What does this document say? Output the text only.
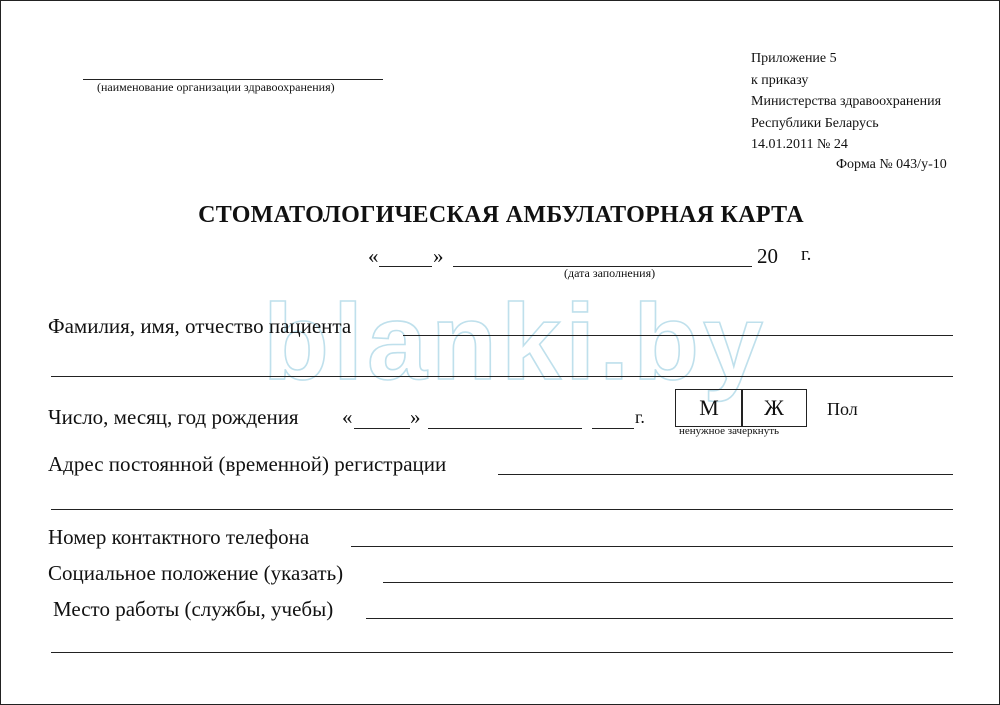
(наименование организации здравоохранения)
Приложение 5
к приказу
Министерства здравоохранения
Республики Беларусь
14.01.2011 № 24
Форма № 043/у-10
СТОМАТОЛОГИЧЕСКАЯ АМБУЛАТОРНАЯ КАРТА
«	»	20 г.
(дата заполнения)
blanki.by
Фамилия, имя, отчество пациента
Число, месяц, год рождения «	»	г.	М	Ж	Пол
ненужное зачеркнуть
Адрес постоянной (временной) регистрации
Номер контактного телефона
Социальное положение (указать)
Место работы (службы, учебы)
